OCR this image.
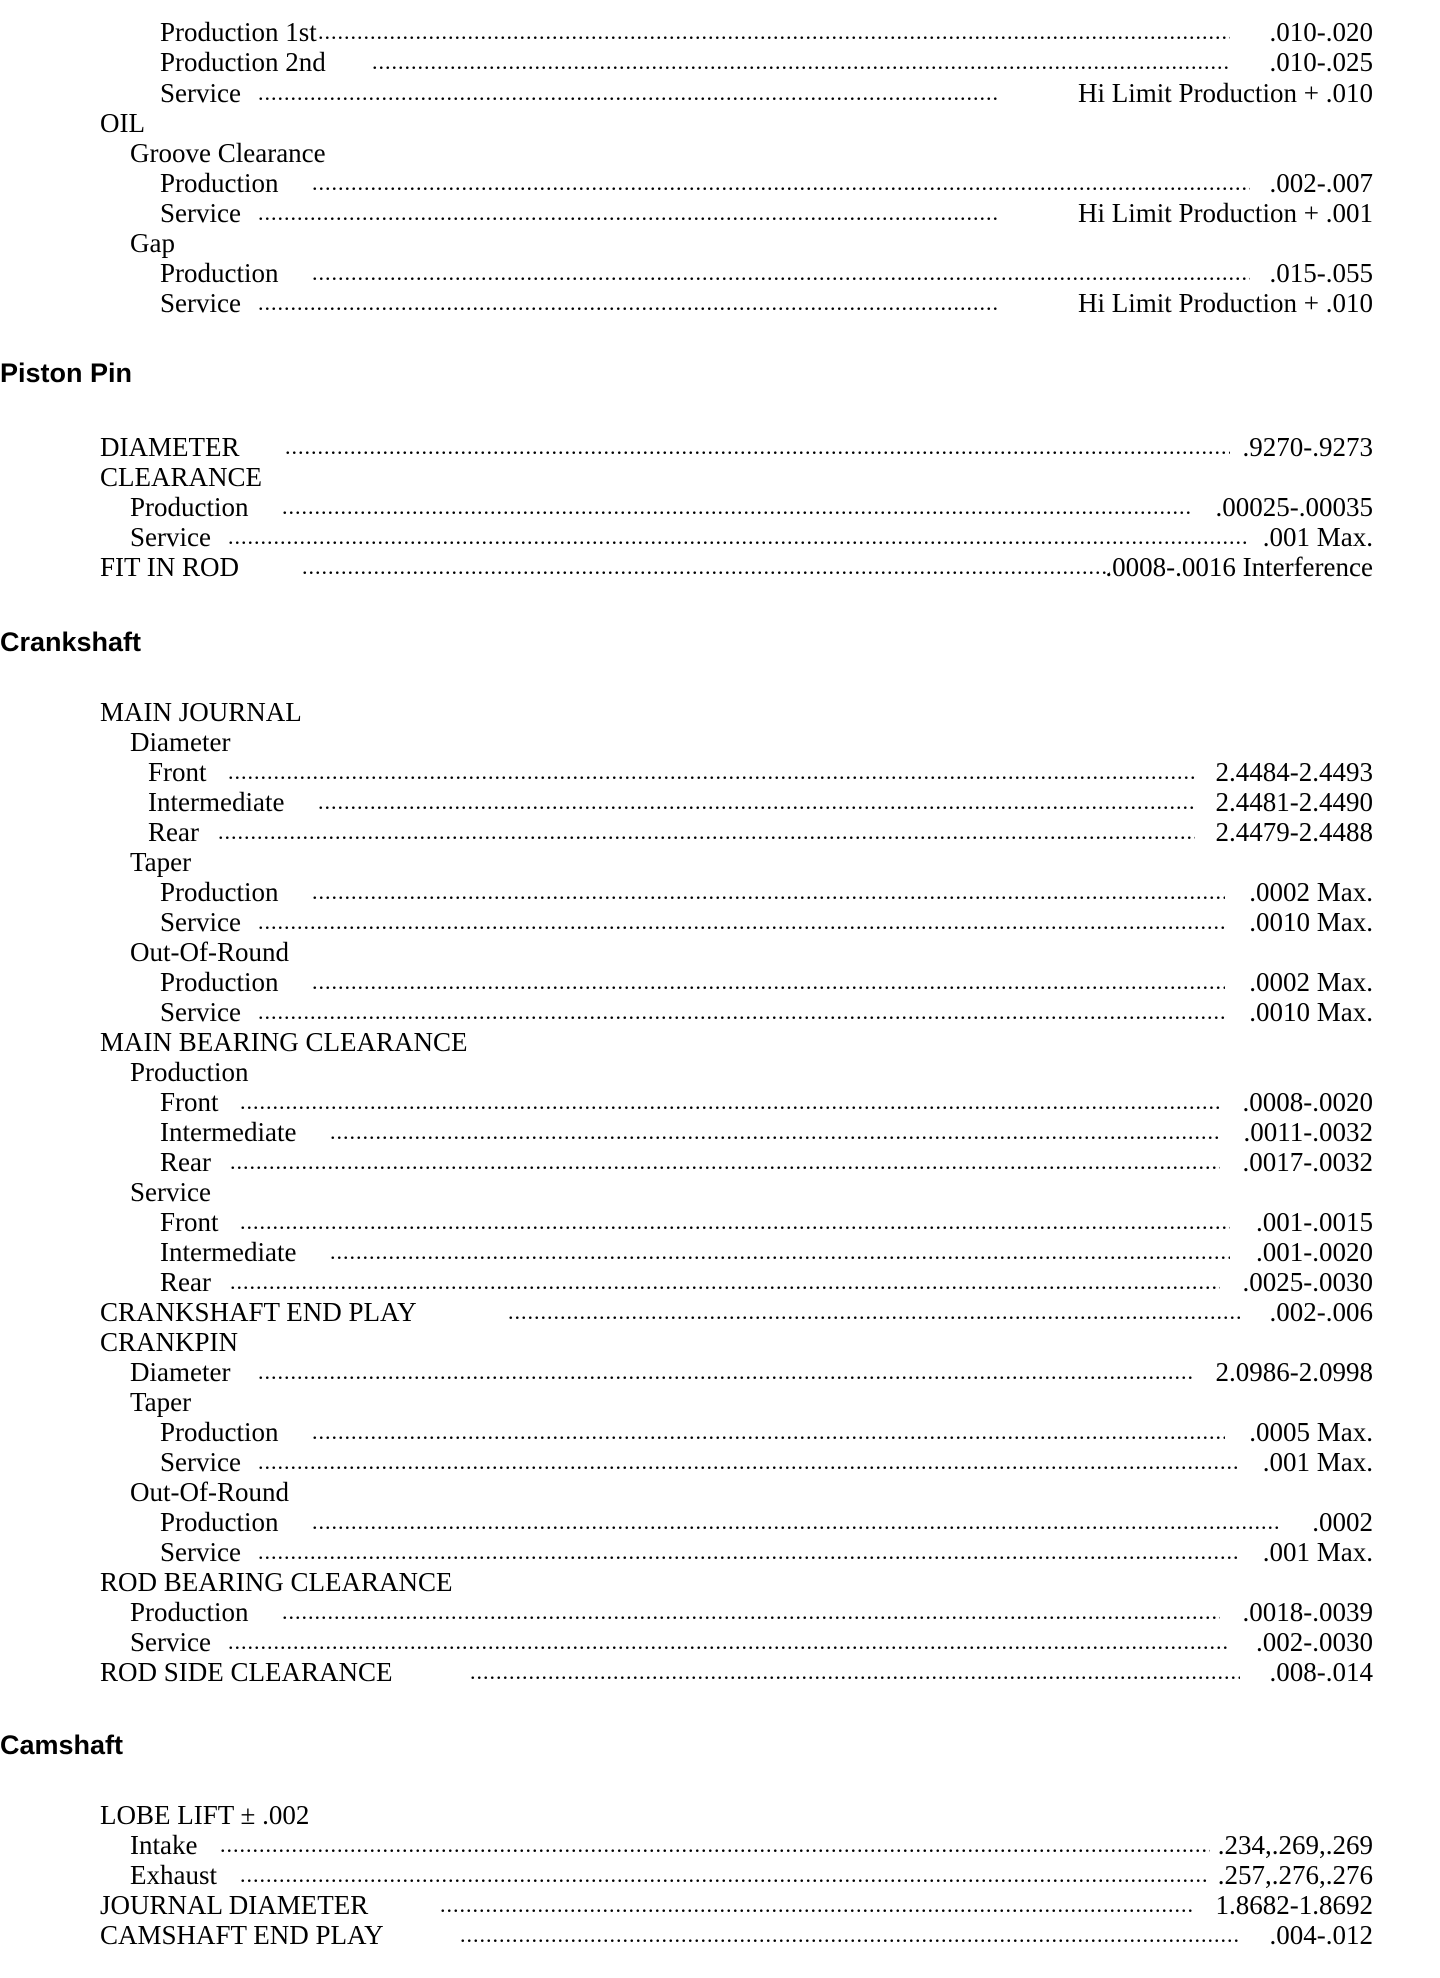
Production 1st .....	.010-.020
Production 2nd .....	.010-.025
Service .....	Hi Limit Production + .010
OIL
Groove Clearance
Production .....	.002-.007
Service .....	Hi Limit Production + .001
Gap
Production .....	.015-.055
Service .....	Hi Limit Production + .010
Piston Pin
DIAMETER .....	.9270-.9273
CLEARANCE
Production .....	.00025-.00035
Service .....	.001 Max.
FIT IN ROD .....	.0008-.0016 Interference
Crankshaft
MAIN JOURNAL
Diameter
Front .....	2.4484-2.4493
Intermediate .....	2.4481-2.4490
Rear .....	2.4479-2.4488
Taper
Production .....	.0002 Max.
Service .....	.0010 Max.
Out-Of-Round
Production .....	.0002 Max.
Service .....	.0010 Max.
MAIN BEARING CLEARANCE
Production
Front .....	.0008-.0020
Intermediate .....	.0011-.0032
Rear .....	.0017-.0032
Service
Front .....	.001-.0015
Intermediate .....	.001-.0020
Rear .....	.0025-.0030
CRANKSHAFT END PLAY .....	.002-.006
CRANKPIN
Diameter .....	2.0986-2.0998
Taper
Production .....	.0005 Max.
Service .....	.001 Max.
Out-Of-Round
Production .....	.0002
Service .....	.001 Max.
ROD BEARING CLEARANCE
Production .....	.0018-.0039
Service .....	.002-.0030
ROD SIDE CLEARANCE .....	.008-.014
Camshaft
LOBE LIFT ± .002
Intake .....	.234,.269,.269
Exhaust .....	.257,.276,.276
JOURNAL DIAMETER .....	1.8682-1.8692
CAMSHAFT END PLAY .....	.004-.012
